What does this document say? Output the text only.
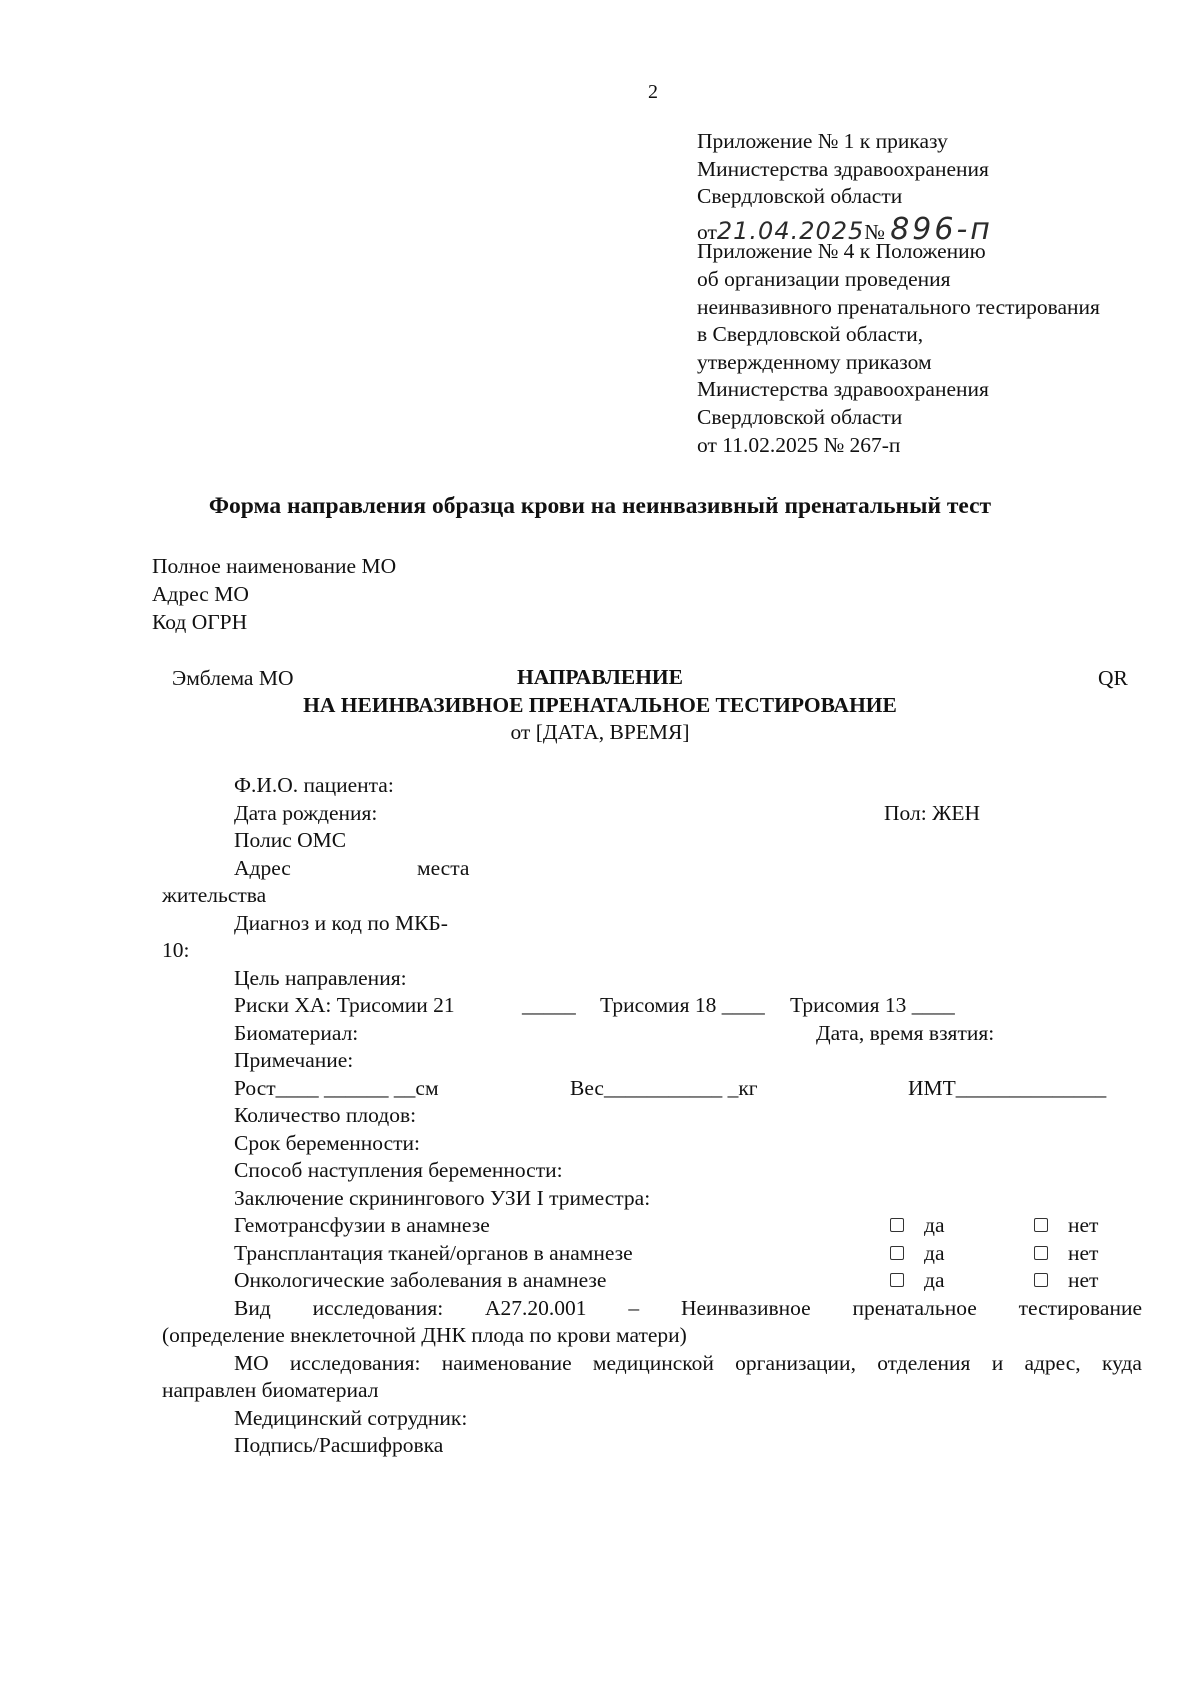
2
Приложение № 1 к приказу
Министерства здравоохранения
Свердловской области
от21.04.2025№ 896-п
Приложение № 4 к Положению
об организации проведения
неинвазивного пренатального тестирования
в Свердловской области,
утвержденному приказом
Министерства здравоохранения
Свердловской области
от 11.02.2025 № 267-п
Форма направления образца крови на неинвазивный пренатальный тест
Полное наименование МО
Адрес МО
Код ОГРН
Эмблема МО	QR
НАПРАВЛЕНИЕ
НА НЕИНВАЗИВНОЕ ПРЕНАТАЛЬНОЕ ТЕСТИРОВАНИЕ
от [ДАТА, ВРЕМЯ]
Ф.И.О. пациента:
Дата рождения:	Пол: ЖЕН
Полис ОМС
Адрес	места
жительства
Диагноз и код по МКБ-
10:
Цель направления:
Риски ХА: Трисомии 21	_____ Трисомия 18 ____ Трисомия 13 ____
Биоматериал:	Дата, время взятия:
Примечание:
Рост____ ______ __см	Вес___________ _кг	ИМТ______________
Количество плодов:
Срок беременности:
Способ наступления беременности:
Заключение скринингового УЗИ I триместра:
Гемотрансфузии в анамнезе	да	нет
Трансплантация тканей/органов в анамнезе	да	нет
Онкологические заболевания в анамнезе	да	нет
Вид исследования: А27.20.001 – Неинвазивное пренатальное тестирование
(определение внеклеточной ДНК плода по крови матери)
МО исследования: наименование медицинской организации, отделения и адрес, куда
направлен биоматериал
Медицинский сотрудник:
Подпись/Расшифровка
